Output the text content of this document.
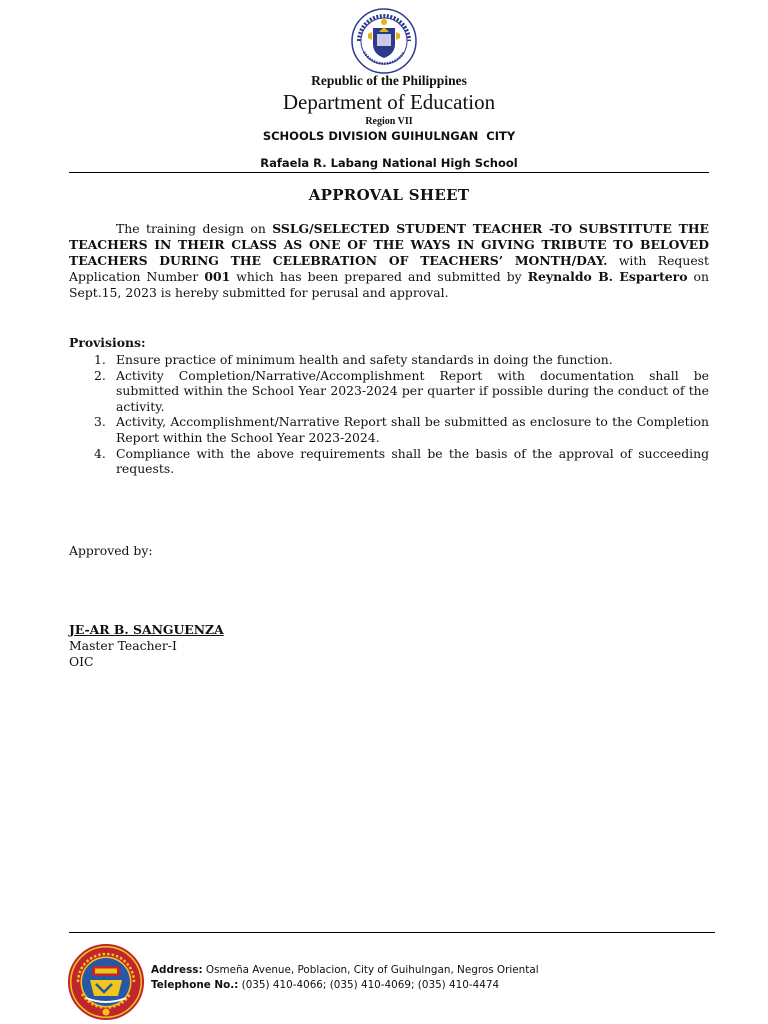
Republic of the Philippines
Department of Education
Region VII
SCHOOLS DIVISION GUIHULNGAN  CITY
Rafaela R. Labang National High School
APPROVAL SHEET
The training design on SSLG/SELECTED STUDENT TEACHER -TO SUBSTITUTE THE TEACHERS IN THEIR CLASS AS ONE OF THE WAYS IN GIVING TRIBUTE TO BELOVED TEACHERS DURING THE CELEBRATION OF TEACHERS’ MONTH/DAY. with Request Application Number 001 which has been prepared and submitted by Reynaldo B. Espartero on Sept.15, 2023 is hereby submitted for perusal and approval.
Provisions:
1. Ensure practice of minimum health and safety standards in doing the function.
2. Activity Completion/Narrative/Accomplishment Report with documentation shall be submitted within the School Year 2023-2024 per quarter if possible during the conduct of the activity.
3. Activity, Accomplishment/Narrative Report shall be submitted as enclosure to the Completion Report within the School Year 2023-2024.
4. Compliance with the above requirements shall be the basis of the approval of succeeding requests.
Approved by:
JE-AR B. SANGUENZA
Master Teacher-I
OIC
Address: Osmeña Avenue, Poblacion, City of Guihulngan, Negros Oriental
Telephone No.: (035) 410-4066; (035) 410-4069; (035) 410-4474
